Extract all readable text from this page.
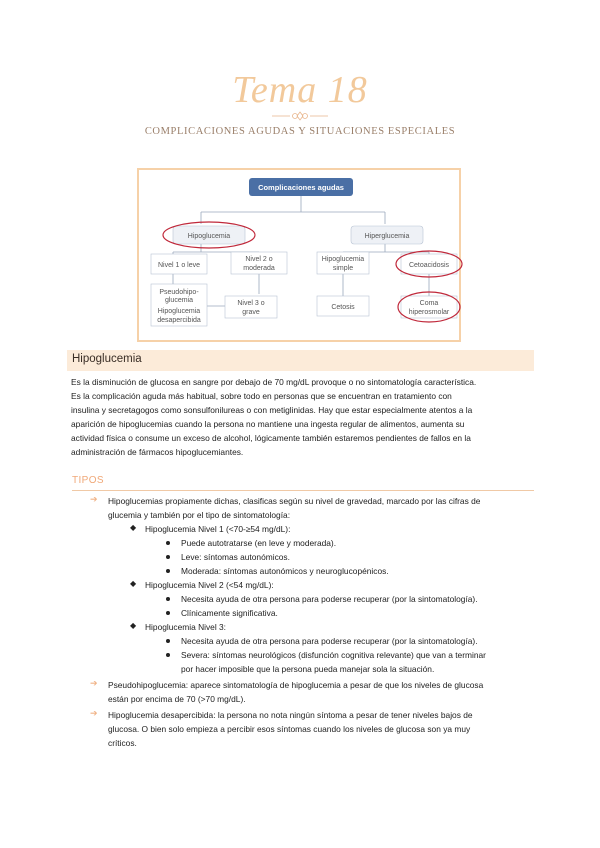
Tema 18
COMPLICACIONES AGUDAS Y SITUACIONES ESPECIALES
Complicaciones agudas
Hipoglucemia	Hiperglucemia
Nivel 1 o leve
Nivel 2 o
moderada
Pseudohipo-
glucemia
Hipoglucemia
desapercibida
Nivel 3 o
grave
Hipoglucemia
simple	Cetoacidosis
Cetosis
Coma
hiperosmolar
Hipoglucemia
Es la disminución de glucosa en sangre por debajo de 70 mg/dL provoque o no sintomatología característica.
Es la complicación aguda más habitual, sobre todo en personas que se encuentran en tratamiento con
insulina y secretagogos como sonsulfonilureas o con metiglinidas. Hay que estar especialmente atentos a la
aparición de hipoglucemias cuando la persona no mantiene una ingesta regular de alimentos, aumenta su
actividad física o consume un exceso de alcohol, lógicamente también estaremos pendientes de fallos en la
administración de fármacos hipoglucemiantes.
TIPOS
➔ Hipoglucemias propiamente dichas, clasificas según su nivel de gravedad, marcado por las cifras de
glucemia y también por el tipo de sintomatología:
◆ Hipoglucemia Nivel 1 (<70-≥54 mg/dL):
Puede autotratarse (en leve y moderada).
Leve: síntomas autonómicos.
Moderada: síntomas autonómicos y neuroglucopénicos.
◆ Hipoglucemia Nivel 2 (<54 mg/dL):
Necesita ayuda de otra persona para poderse recuperar (por la sintomatología).
Clínicamente significativa.
◆ Hipoglucemia Nivel 3:
Necesita ayuda de otra persona para poderse recuperar (por la sintomatología).
Severa: síntomas neurológicos (disfunción cognitiva relevante) que van a terminar
por hacer imposible que la persona pueda manejar sola la situación.
➔ Pseudohipoglucemia: aparece sintomatología de hipoglucemia a pesar de que los niveles de glucosa
están por encima de 70 (>70 mg/dL).
➔ Hipoglucemia desapercibida: la persona no nota ningún síntoma a pesar de tener niveles bajos de
glucosa. O bien solo empieza a percibir esos síntomas cuando los niveles de glucosa son ya muy
críticos.
